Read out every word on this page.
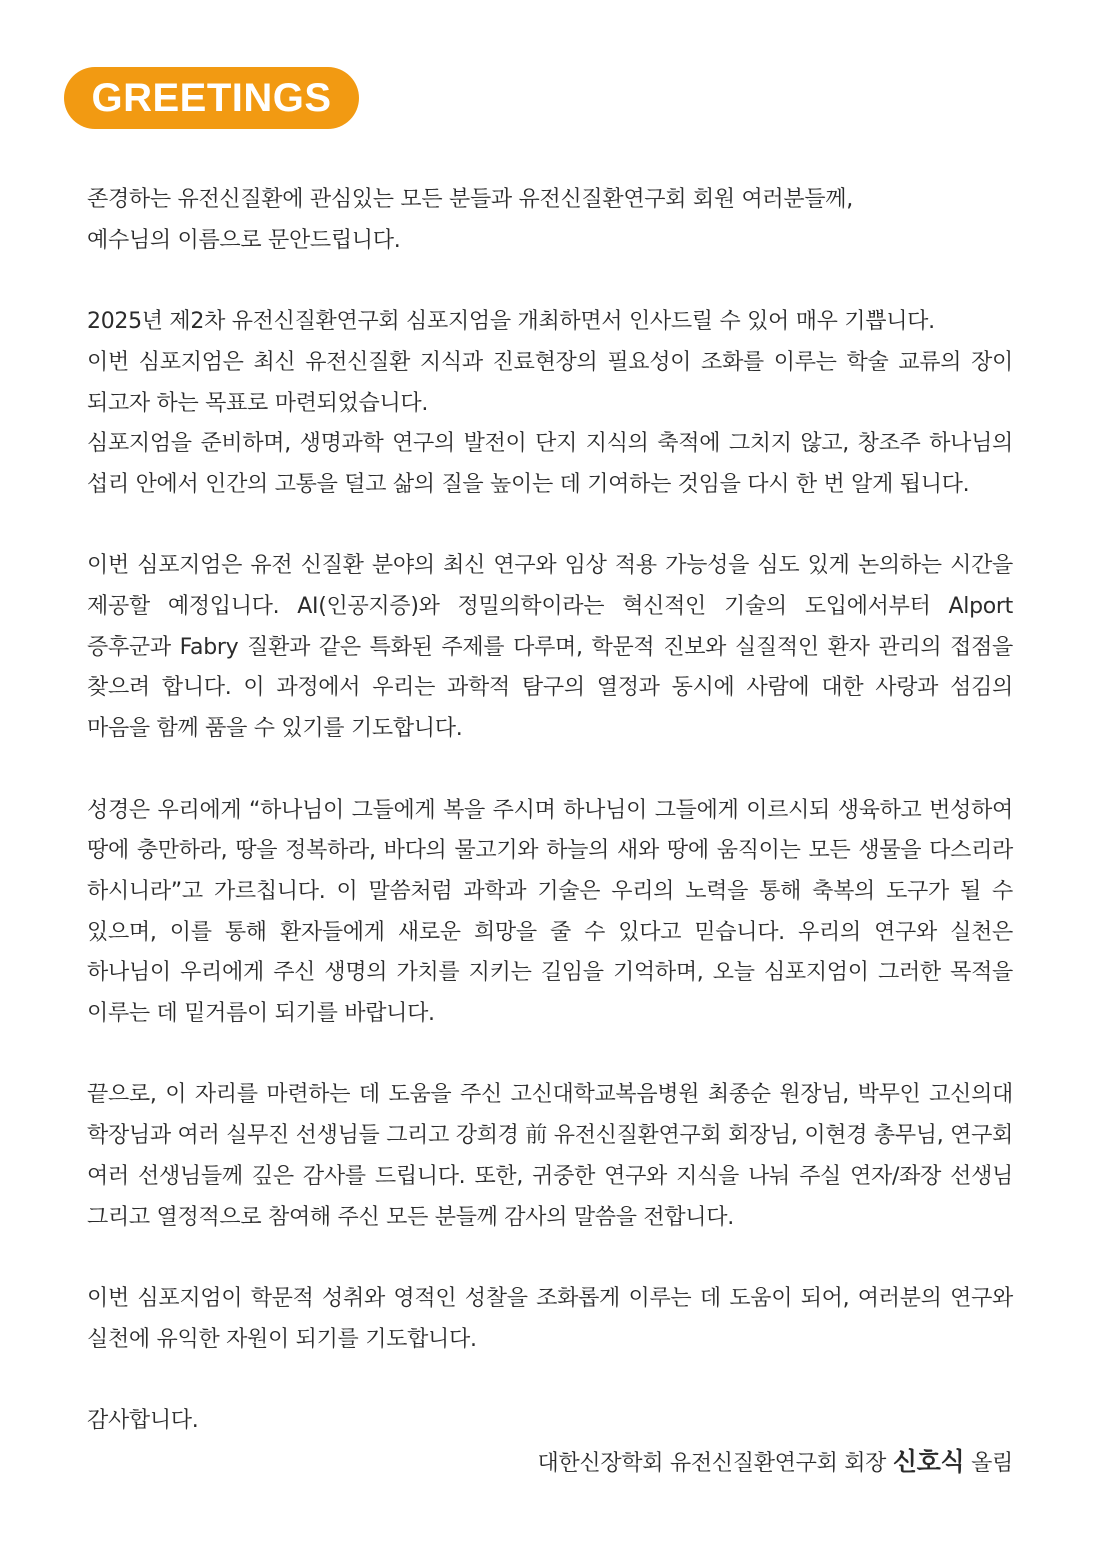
GREETINGS

존경하는 유전신질환에 관심있는 모든 분들과 유전신질환연구회 회원 여러분들께,

예수님의 이름으로 문안드립니다.

2025년 제2차 유전신질환연구회 심포지엄을 개최하면서 인사드릴 수 있어 매우 기쁩니다.

이번 심포지엄은 최신 유전신질환 지식과 진료현장의 필요성이 조화를 이루는 학술 교류의 장이 되고자 하는 목표로 마련되었습니다.

심포지엄을 준비하며, 생명과학 연구의 발전이 단지 지식의 축적에 그치지 않고, 창조주 하나님의 섭리 안에서 인간의 고통을 덜고 삶의 질을 높이는 데 기여하는 것임을 다시 한 번 알게 됩니다.

이번 심포지엄은 유전 신질환 분야의 최신 연구와 임상 적용 가능성을 심도 있게 논의하는 시간을 제공할 예정입니다. AI(인공지증)와 정밀의학이라는 혁신적인 기술의 도입에서부터 Alport 증후군과 Fabry 질환과 같은 특화된 주제를 다루며, 학문적 진보와 실질적인 환자 관리의 접점을 찾으려 합니다. 이 과정에서 우리는 과학적 탐구의 열정과 동시에 사람에 대한 사랑과 섬김의 마음을 함께 품을 수 있기를 기도합니다.

성경은 우리에게 “하나님이 그들에게 복을 주시며 하나님이 그들에게 이르시되 생육하고 번성하여 땅에 충만하라, 땅을 정복하라, 바다의 물고기와 하늘의 새와 땅에 움직이는 모든 생물을 다스리라 하시니라”고 가르칩니다. 이 말씀처럼 과학과 기술은 우리의 노력을 통해 축복의 도구가 될 수 있으며, 이를 통해 환자들에게 새로운 희망을 줄 수 있다고 믿습니다. 우리의 연구와 실천은 하나님이 우리에게 주신 생명의 가치를 지키는 길임을 기억하며, 오늘 심포지엄이 그러한 목적을 이루는 데 밑거름이 되기를 바랍니다.

끝으로, 이 자리를 마련하는 데 도움을 주신 고신대학교복음병원 최종순 원장님, 박무인 고신의대 학장님과 여러 실무진 선생님들 그리고 강희경 前 유전신질환연구회 회장님, 이현경 총무님, 연구회 여러 선생님들께 깊은 감사를 드립니다. 또한, 귀중한 연구와 지식을 나눠 주실 연자/좌장 선생님 그리고 열정적으로 참여해 주신 모든 분들께 감사의 말씀을 전합니다.

이번 심포지엄이 학문적 성취와 영적인 성찰을 조화롭게 이루는 데 도움이 되어, 여러분의 연구와 실천에 유익한 자원이 되기를 기도합니다.

감사합니다.

대한신장학회 유전신질환연구회 회장 신호식 올림
